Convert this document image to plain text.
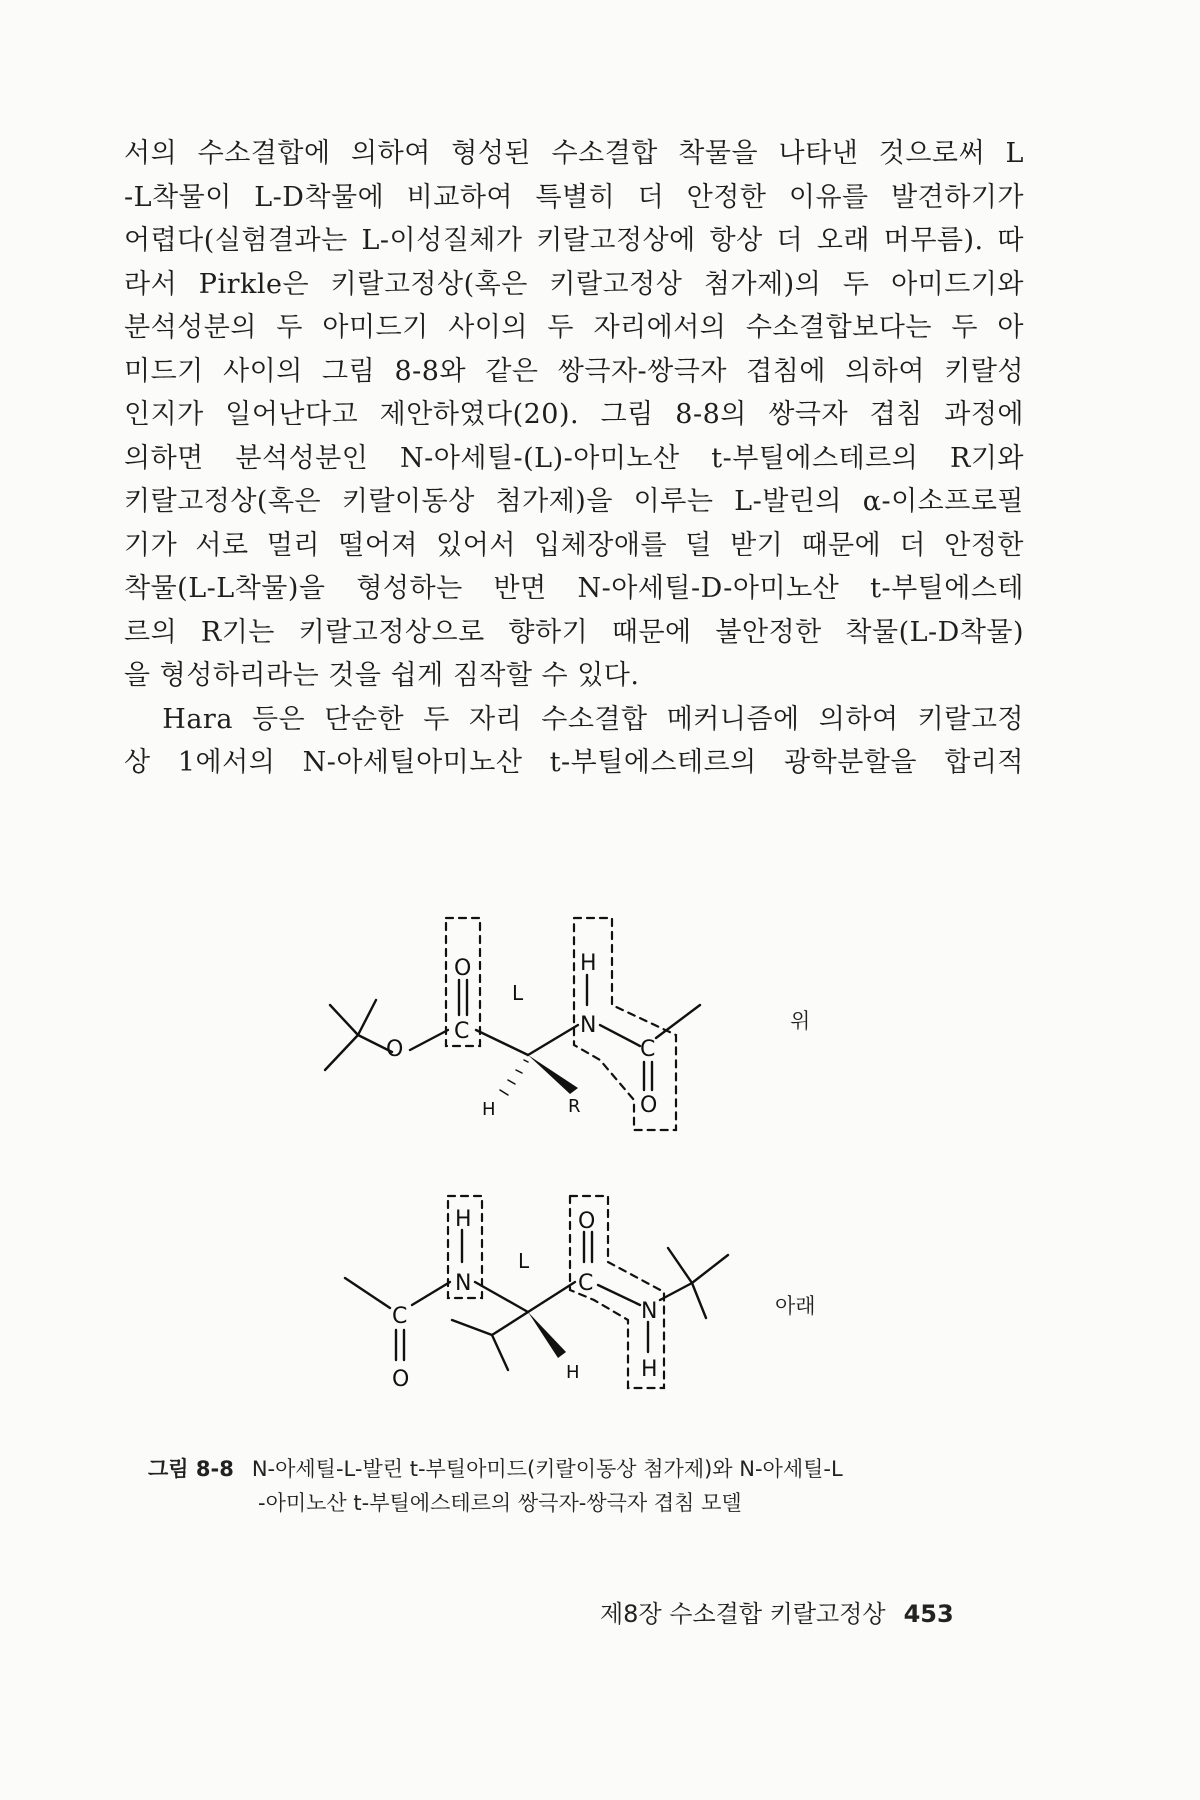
서의 수소결합에 의하여 형성된 수소결합 착물을 나타낸 것으로써 L
-L착물이 L-D착물에 비교하여 특별히 더 안정한 이유를 발견하기가
어렵다(실험결과는 L-이성질체가 키랄고정상에 항상 더 오래 머무름). 따
라서 Pirkle은 키랄고정상(혹은 키랄고정상 첨가제)의 두 아미드기와
분석성분의 두 아미드기 사이의 두 자리에서의 수소결합보다는 두 아
미드기 사이의 그림 8-8와 같은 쌍극자-쌍극자 겹침에 의하여 키랄성
인지가 일어난다고 제안하였다(20). 그림 8-8의 쌍극자 겹침 과정에
의하면 분석성분인 N-아세틸-(L)-아미노산 t-부틸에스테르의 R기와
키랄고정상(혹은 키랄이동상 첨가제)을 이루는 L-발린의 α-이소프로필
기가 서로 멀리 떨어져 있어서 입체장애를 덜 받기 때문에 더 안정한
착물(L-L착물)을 형성하는 반면 N-아세틸-D-아미노산 t-부틸에스테
르의 R기는 키랄고정상으로 향하기 때문에 불안정한 착물(L-D착물)
을 형성하리라는 것을 쉽게 짐작할 수 있다.
Hara 등은 단순한 두 자리 수소결합 메커니즘에 의하여 키랄고정
상 1에서의 N-아세틸아미노산 t-부틸에스테르의 광학분할을 합리적
O
O
C
L
H
N
C
O
H	R
C
O
H
N
L
O
C
N
H
H
위
아래
그림 8-8 N-아세틸-L-발린 t-부틸아미드(키랄이동상 첨가제)와 N-아세틸-L
-아미노산 t-부틸에스테르의 쌍극자-쌍극자 겹침 모델
제8장 수소결합 키랄고정상 453
